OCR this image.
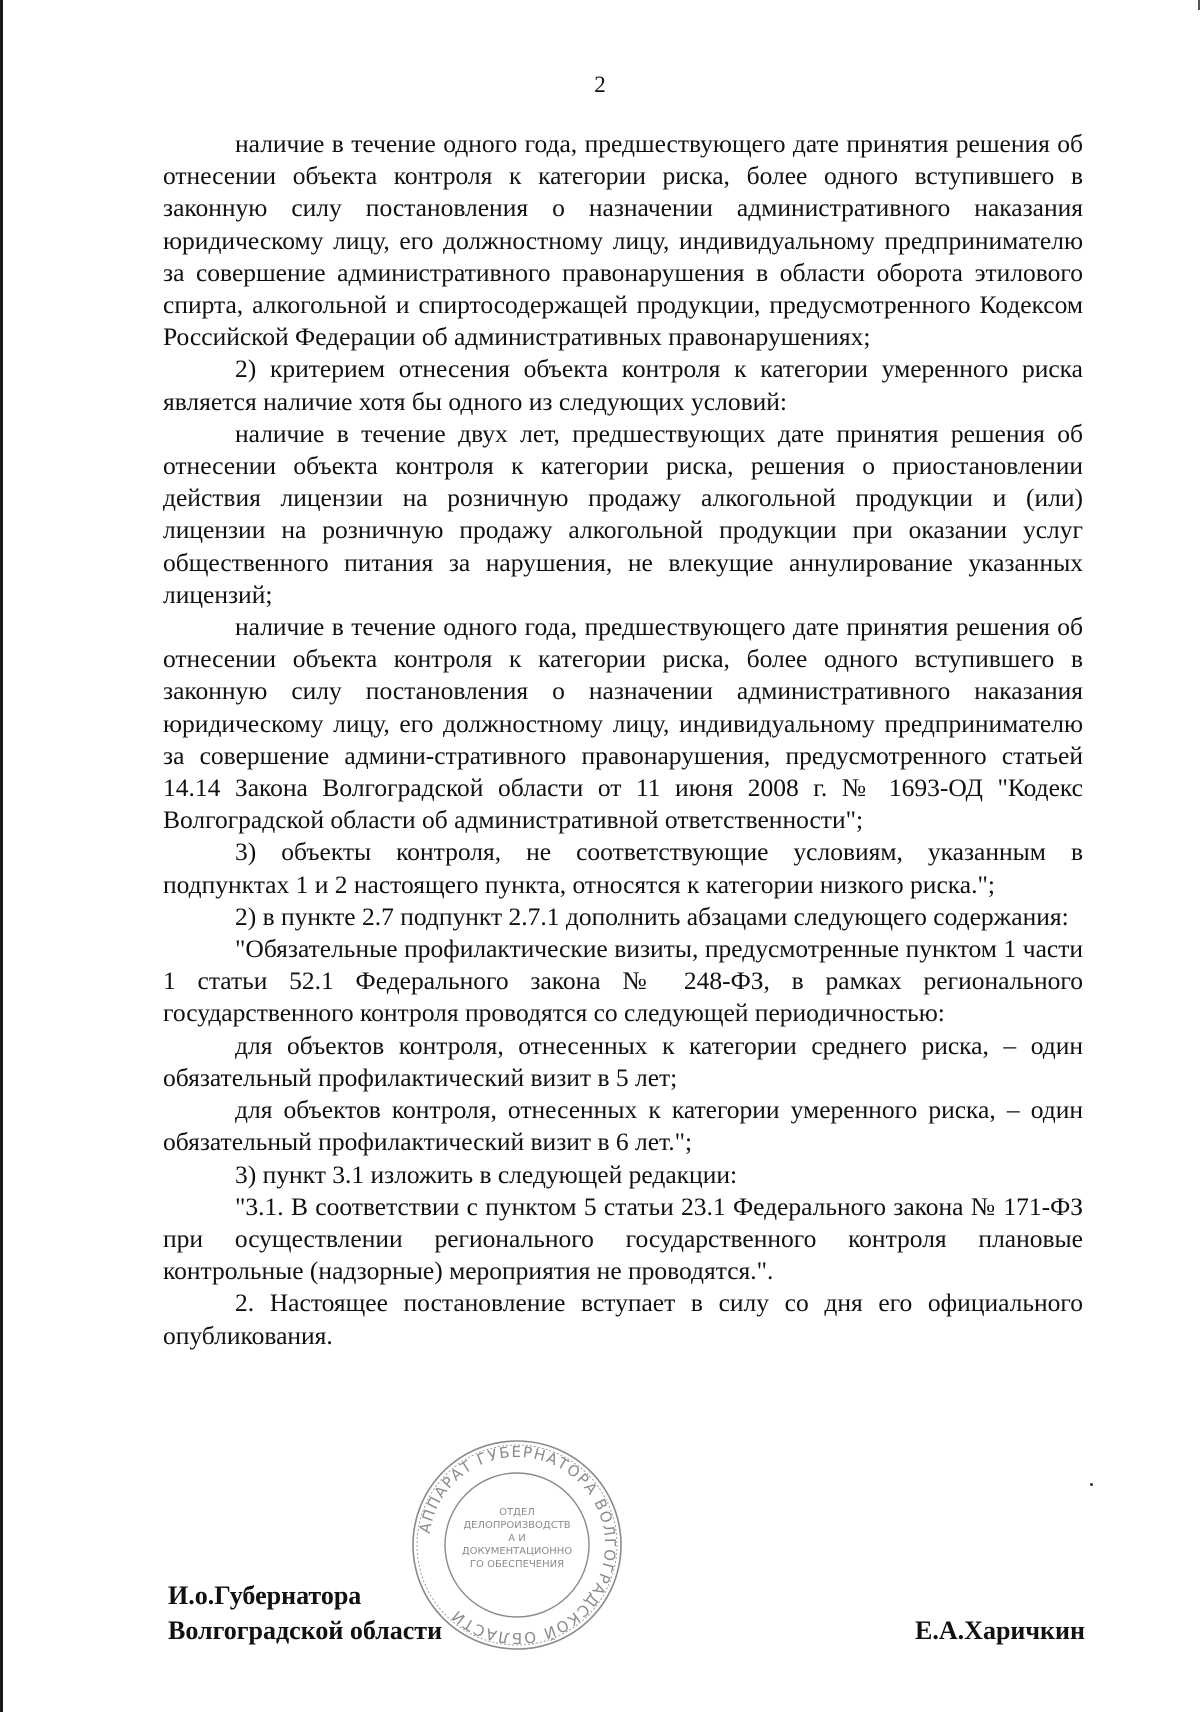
2

наличие в течение одного года, предшествующего дате принятия решения об отнесении объекта контроля к категории риска, более одного вступившего в законную силу постановления о назначении административного наказания юридическому лицу, его должностному лицу, индивидуальному предпринимателю за совершение административного правонарушения в области оборота этилового спирта, алкогольной и спиртосодержащей продукции, предусмотренного Кодексом Российской Федерации об административных правонарушениях;

2) критерием отнесения объекта контроля к категории умеренного риска является наличие хотя бы одного из следующих условий:

наличие в течение двух лет, предшествующих дате принятия решения об отнесении объекта контроля к категории риска, решения о приостановлении действия лицензии на розничную продажу алкогольной продукции и (или) лицензии на розничную продажу алкогольной продукции при оказании услуг общественного питания за нарушения, не влекущие аннулирование указанных лицензий;

наличие в течение одного года, предшествующего дате принятия решения об отнесении объекта контроля к категории риска, более одного вступившего в законную силу постановления о назначении административного наказания юридическому лицу, его должностному лицу, индивидуальному предпринимателю за совершение админи-стративного правонарушения, предусмотренного статьей 14.14 Закона Волгоградской области от 11 июня 2008 г. № 1693-ОД "Кодекс Волгоградской области об административной ответственности";

3) объекты контроля, не соответствующие условиям, указанным в подпунктах 1 и 2 настоящего пункта, относятся к категории низкого риска.";

2) в пункте 2.7 подпункт 2.7.1 дополнить абзацами следующего содержания:

"Обязательные профилактические визиты, предусмотренные пунктом 1 части 1 статьи 52.1 Федерального закона № 248-ФЗ, в рамках регионального государственного контроля проводятся со следующей периодичностью:

для объектов контроля, отнесенных к категории среднего риска, – один обязательный профилактический визит в 5 лет;

для объектов контроля, отнесенных к категории умеренного риска, – один обязательный профилактический визит в 6 лет.";

3) пункт 3.1 изложить в следующей редакции:

"3.1. В соответствии с пунктом 5 статьи 23.1 Федерального закона № 171-ФЗ при осуществлении регионального государственного контроля плановые контрольные (надзорные) мероприятия не проводятся.".

2. Настоящее постановление вступает в силу со дня его официального опубликования.

АППАРАТ ГУБЕРНАТОРА ВОЛГОГРАДСКОЙ ОБЛАСТИ
ОТДЕЛ ДЕЛОПРОИЗВОДСТВА И ДОКУМЕНТАЦИОННОГО ОБЕСПЕЧЕНИЯ
И.о.Губернатора
Волгоградской области	Е.А.Харичкин
